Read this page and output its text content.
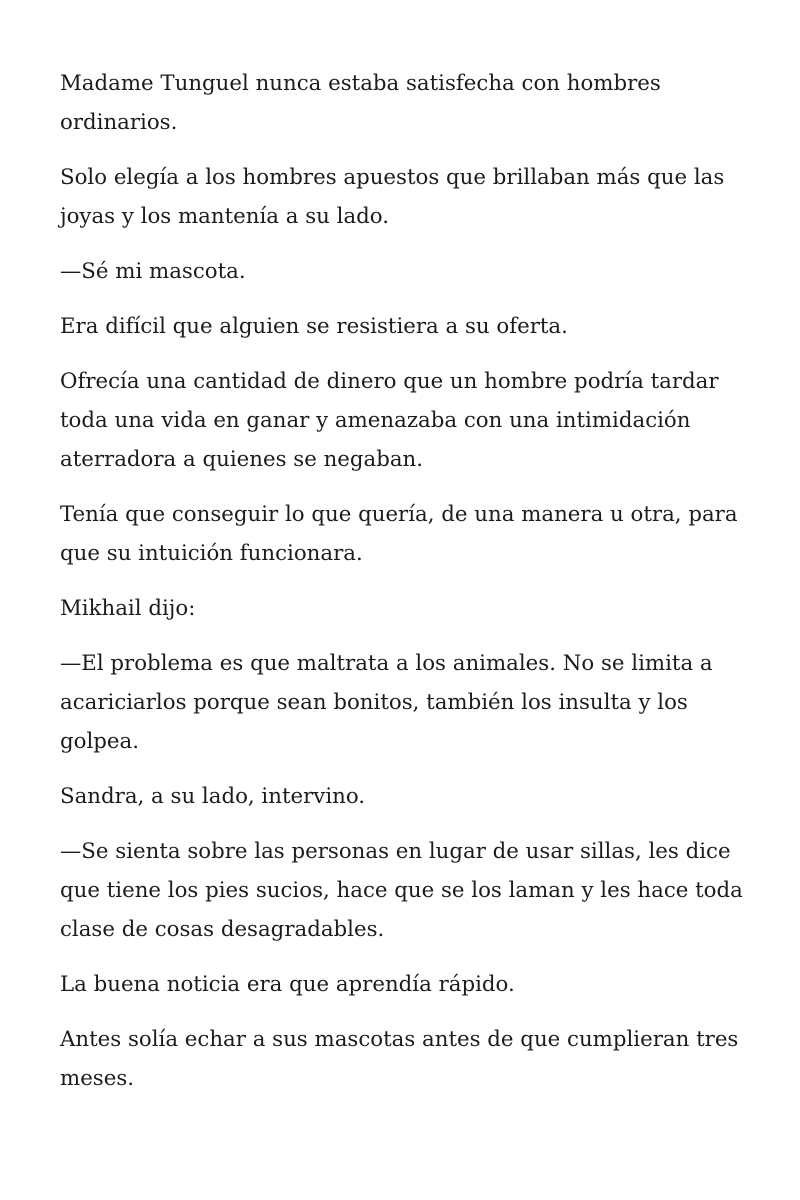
Madame Tunguel nunca estaba satisfecha con hombres ordinarios.

Solo elegía a los hombres apuestos que brillaban más que las joyas y los mantenía a su lado.

—Sé mi mascota.

Era difícil que alguien se resistiera a su oferta.

Ofrecía una cantidad de dinero que un hombre podría tardar toda una vida en ganar y amenazaba con una intimidación aterradora a quienes se negaban.

Tenía que conseguir lo que quería, de una manera u otra, para que su intuición funcionara.

Mikhail dijo:

—El problema es que maltrata a los animales. No se limita a acariciarlos porque sean bonitos, también los insulta y los golpea.

Sandra, a su lado, intervino.

—Se sienta sobre las personas en lugar de usar sillas, les dice que tiene los pies sucios, hace que se los laman y les hace toda clase de cosas desagradables.

La buena noticia era que aprendía rápido.

Antes solía echar a sus mascotas antes de que cumplieran tres meses.
